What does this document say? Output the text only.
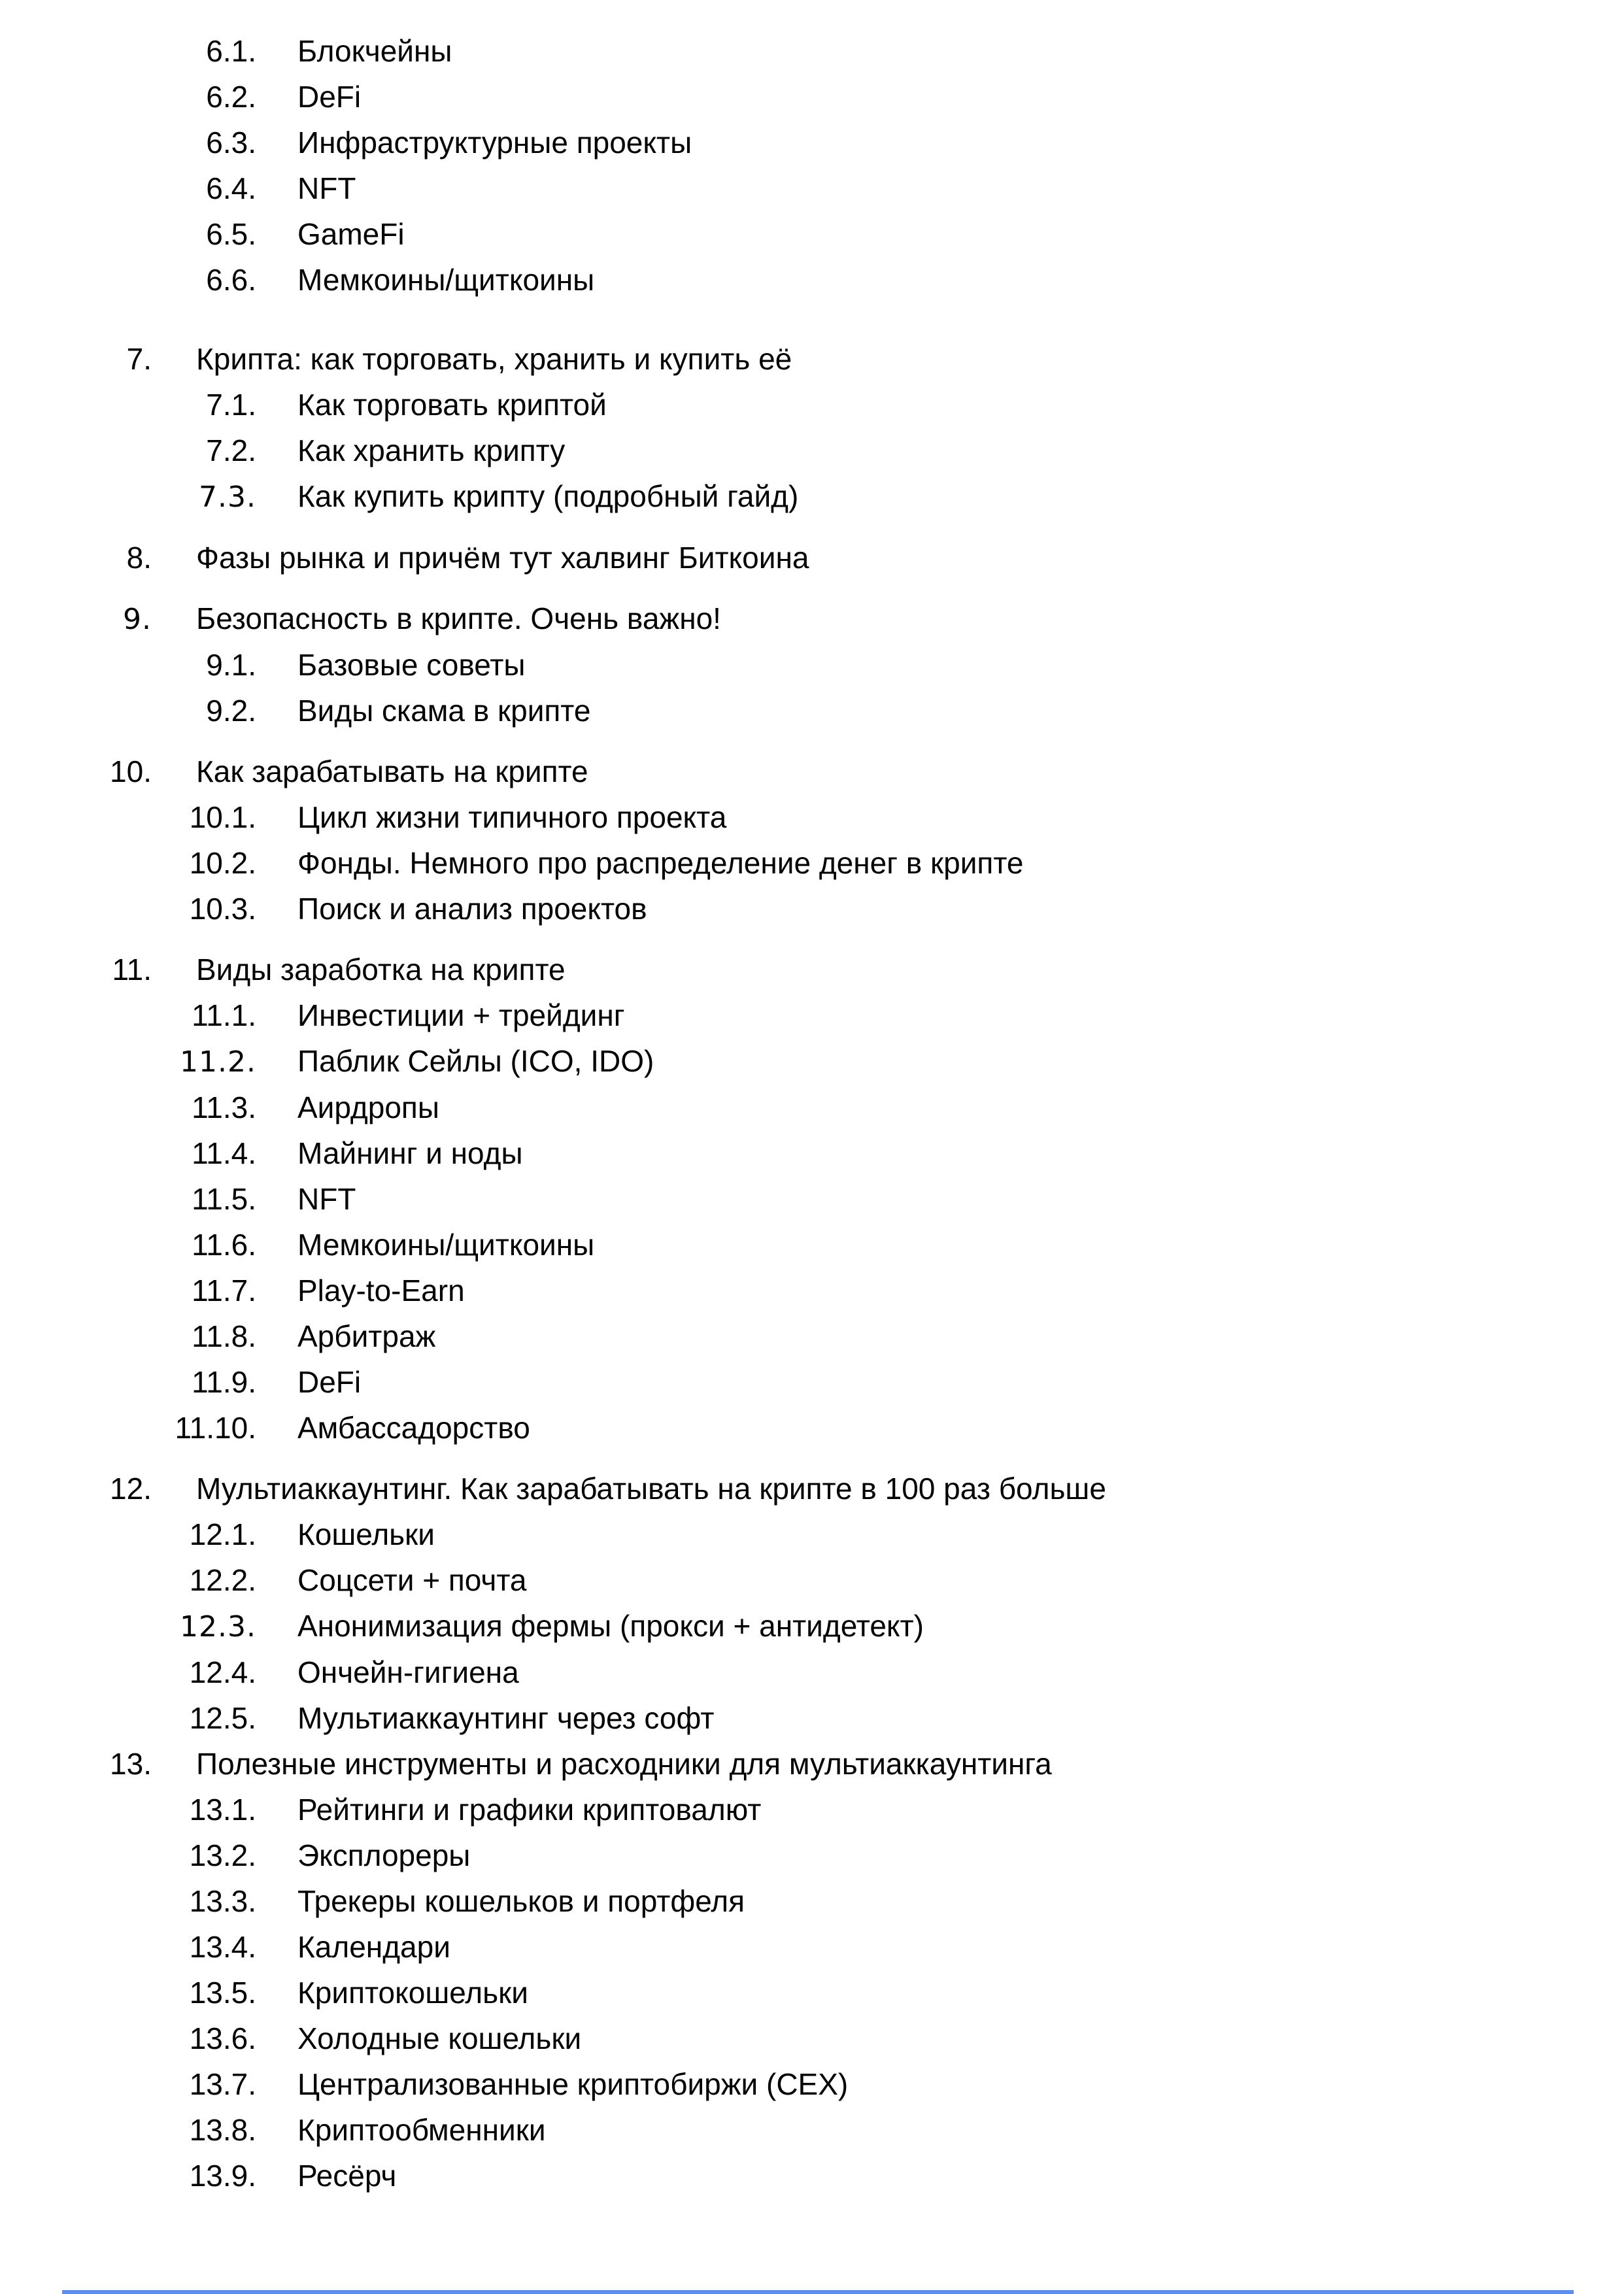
6.1.	Блокчейны
6.2.	DeFi
6.3.	Инфраструктурные проекты
6.4.	NFT
6.5.	GameFi
6.6.	Мемкоины/щиткоины
7.	Крипта: как торговать, хранить и купить её
7.1.	Как торговать криптой
7.2.	Как хранить крипту
7.3.	Как купить крипту (подробный гайд)
8.	Фазы рынка и причём тут халвинг Биткоина
9.	Безопасность в крипте. Очень важно!
9.1.	Базовые советы
9.2.	Виды скама в крипте
10.	Как зарабатывать на крипте
10.1.	Цикл жизни типичного проекта
10.2.	Фонды. Немного про распределение денег в крипте
10.3.	Поиск и анализ проектов
11.	Виды заработка на крипте
11.1.	Инвестиции + трейдинг
11.2.	Паблик Сейлы (ICO, IDO)
11.3.	Аирдропы
11.4.	Майнинг и ноды
11.5.	NFT
11.6.	Мемкоины/щиткоины
11.7.	Play-to-Earn
11.8.	Арбитраж
11.9.	DeFi
11.10.	Амбассадорство
12.	Мультиаккаунтинг. Как зарабатывать на крипте в 100 раз больше
12.1.	Кошельки
12.2.	Соцсети + почта
12.3.	Анонимизация фермы (прокси + антидетект)
12.4.	Ончейн-гигиена
12.5.	Мультиаккаунтинг через софт
13.	Полезные инструменты и расходники для мультиаккаунтинга
13.1.	Рейтинги и графики криптовалют
13.2.	Эксплореры
13.3.	Трекеры кошельков и портфеля
13.4.	Календари
13.5.	Криптокошельки
13.6.	Холодные кошельки
13.7.	Централизованные криптобиржи (CEX)
13.8.	Криптообменники
13.9.	Ресёрч
